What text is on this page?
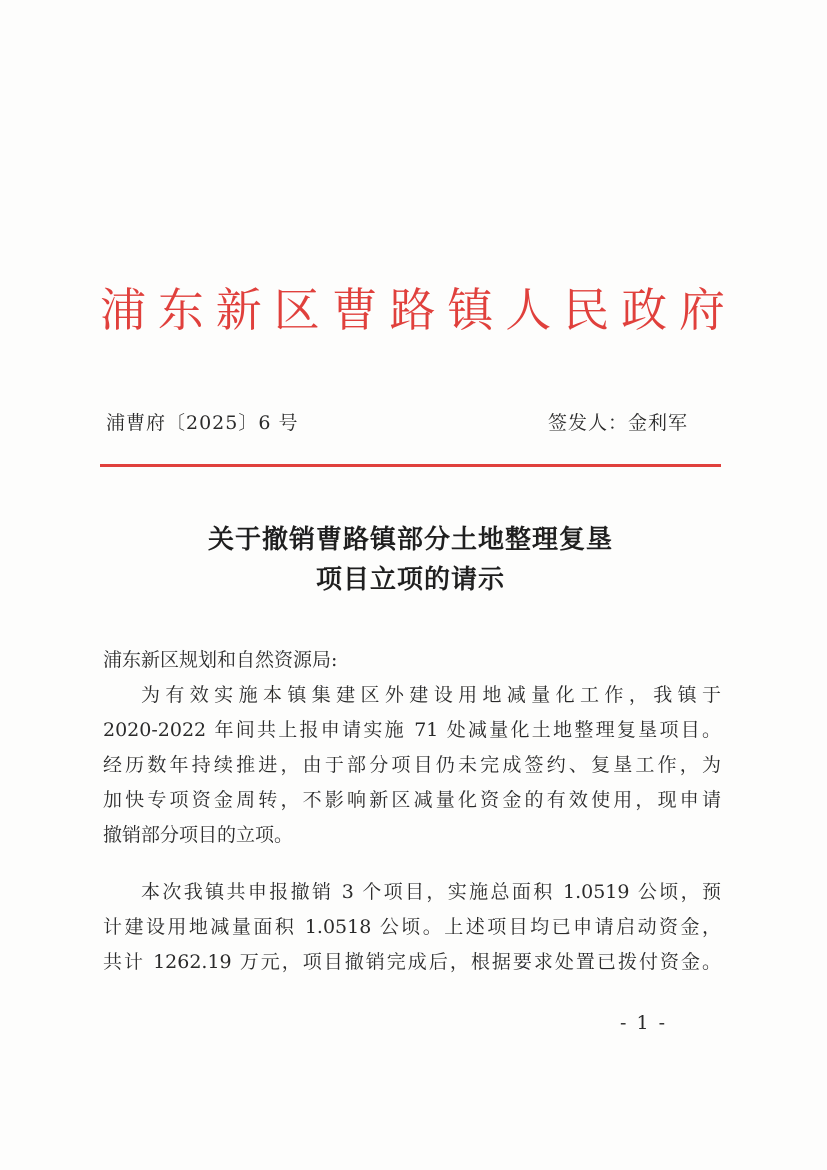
浦东新区曹路镇人民政府
浦曹府〔2025〕6 号	签发人：金利军
关于撤销曹路镇部分土地整理复垦
项目立项的请示
浦东新区规划和自然资源局:
为有效实施本镇集建区外建设用地减量化工作，我镇于
2020-2022 年间共上报申请实施 71 处减量化土地整理复垦项目。
经历数年持续推进，由于部分项目仍未完成签约、复垦工作，为
加快专项资金周转，不影响新区减量化资金的有效使用，现申请
撤销部分项目的立项。
本次我镇共申报撤销 3 个项目，实施总面积 1.0519 公顷，预
计建设用地减量面积 1.0518 公顷。上述项目均已申请启动资金，
共计 1262.19 万元，项目撤销完成后，根据要求处置已拨付资金。
- 1 -
